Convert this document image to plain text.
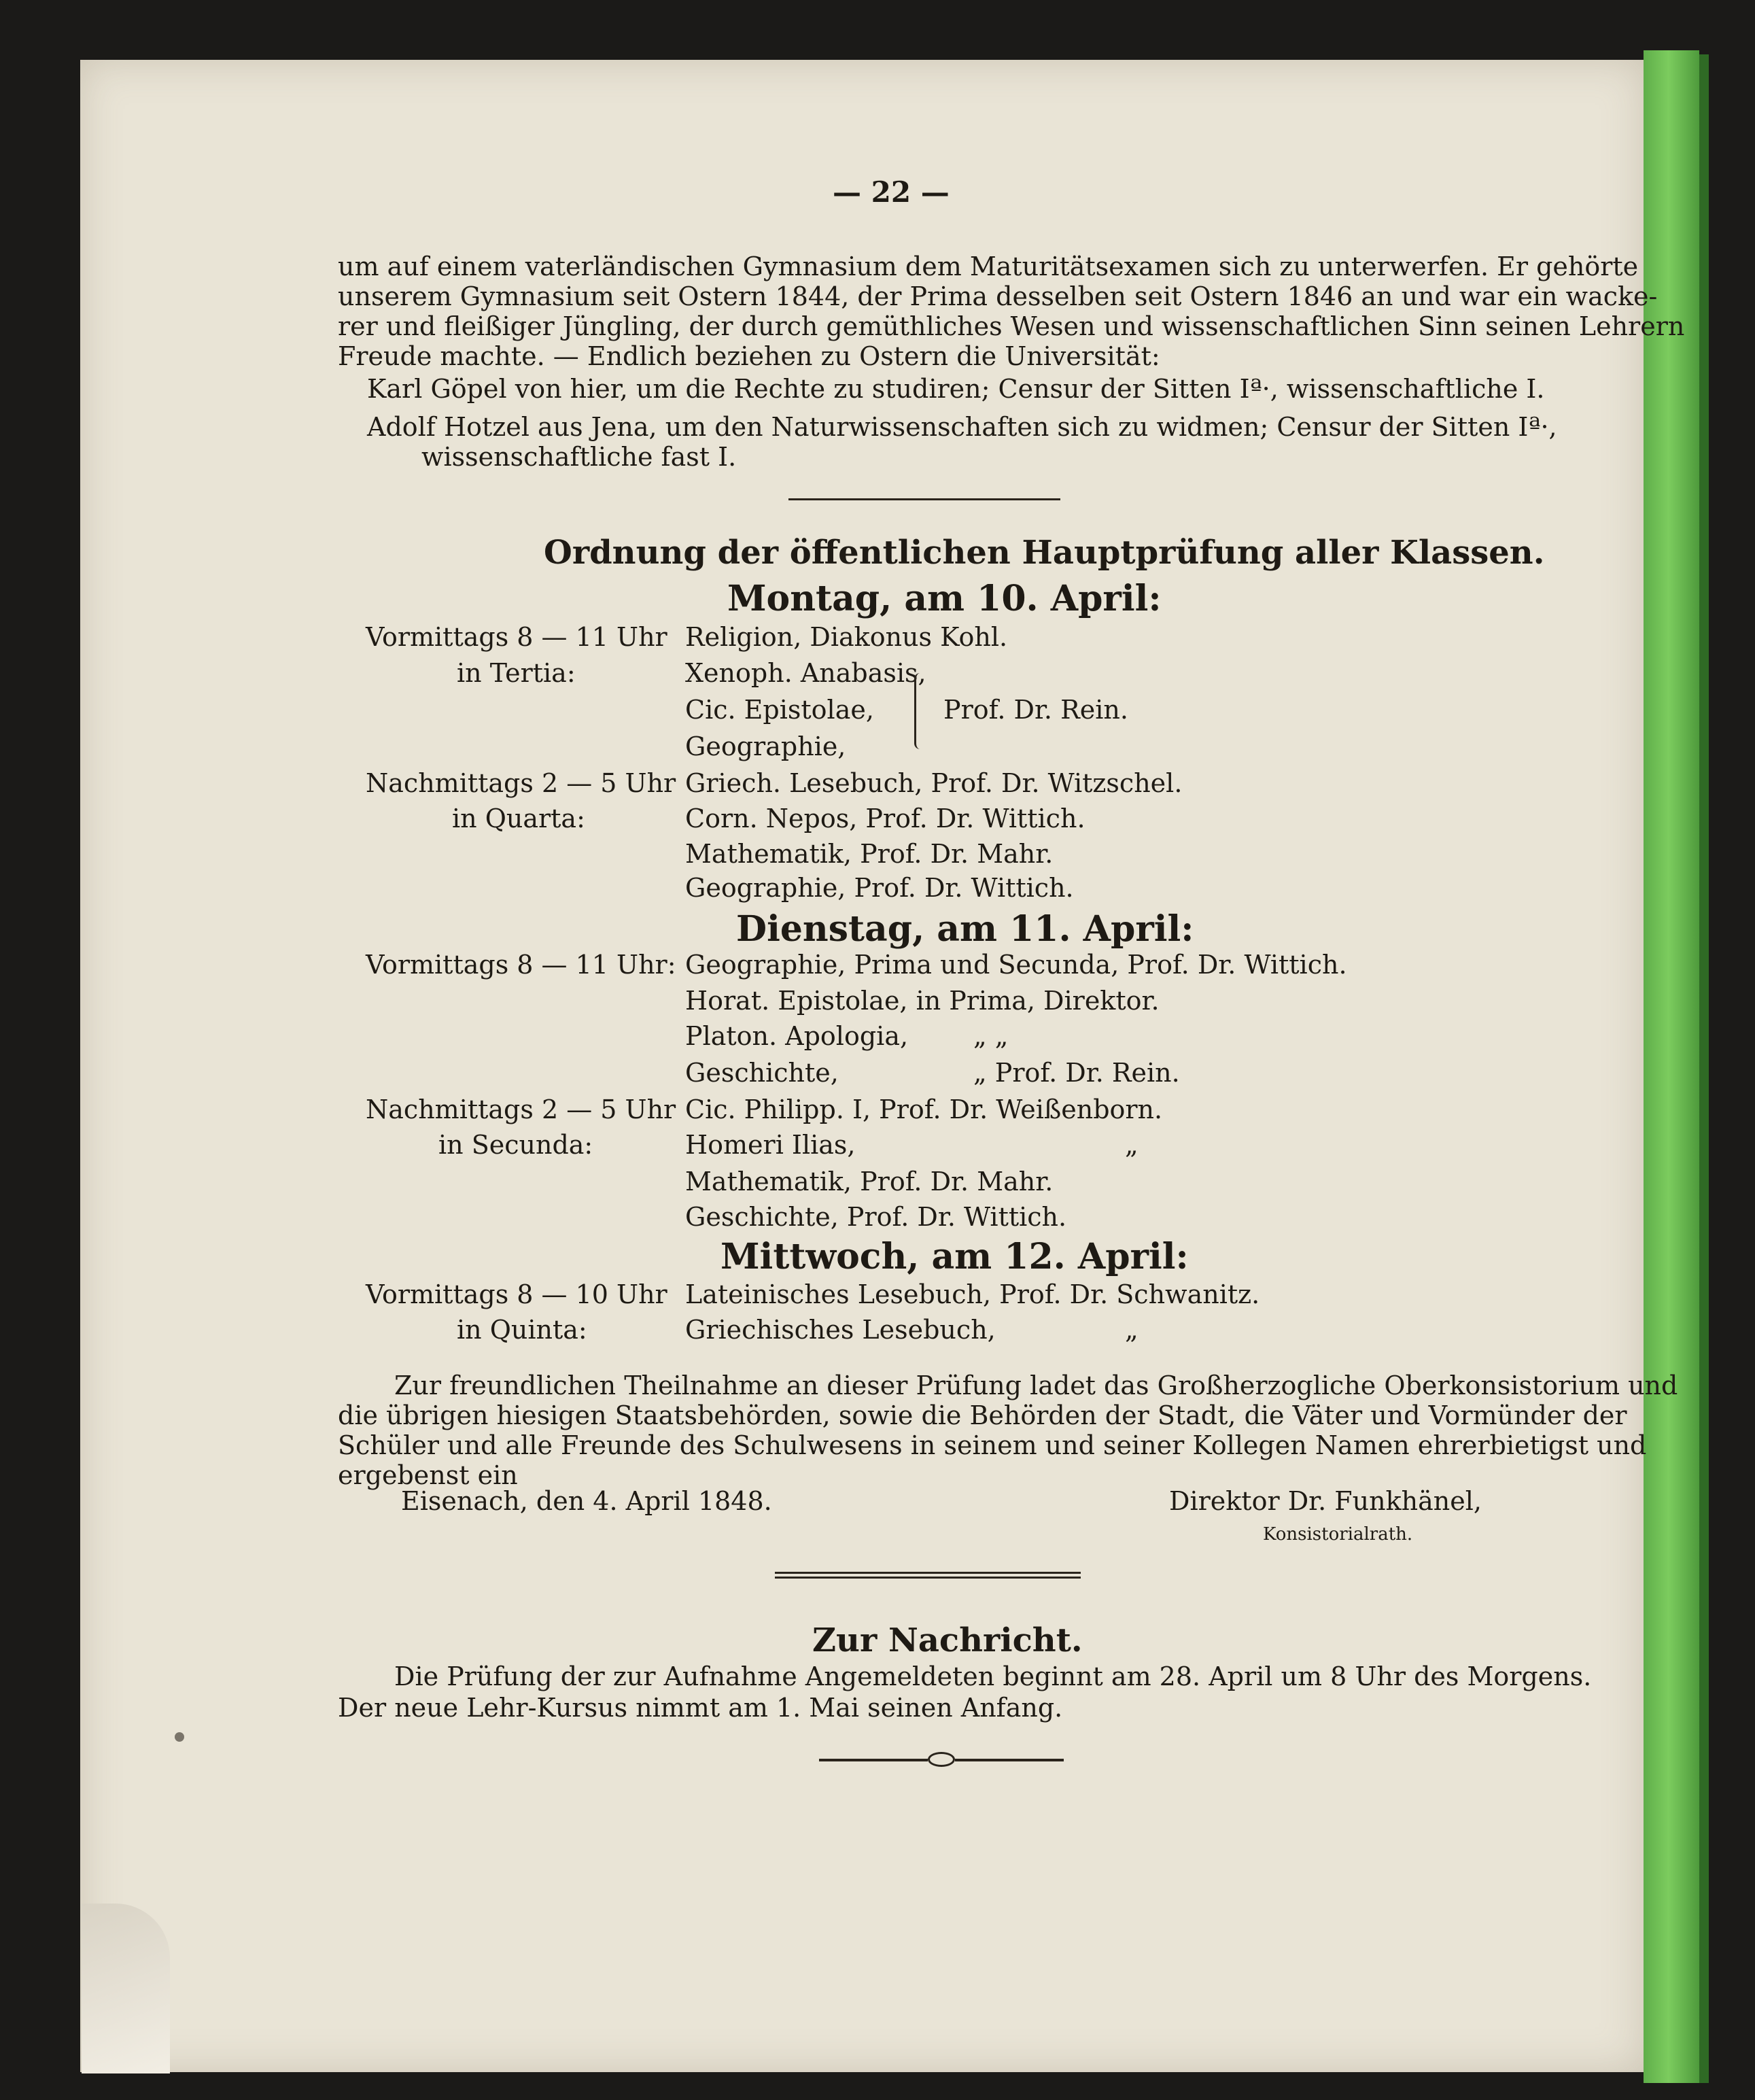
— 22 —
um auf einem vaterländischen Gymnasium dem Maturitätsexamen sich zu unterwerfen. Er gehörte
unserem Gymnasium seit Ostern 1844, der Prima desselben seit Ostern 1846 an und war ein wacke-
rer und fleißiger Jüngling, der durch gemüthliches Wesen und wissenschaftlichen Sinn seinen Lehrern
Freude machte. — Endlich beziehen zu Ostern die Universität:
Karl Göpel von hier, um die Rechte zu studiren; Censur der Sitten Iª·, wissenschaftliche I.
Adolf Hotzel aus Jena, um den Naturwissenschaften sich zu widmen; Censur der Sitten Iª·,
wissenschaftliche fast I.
Ordnung der öffentlichen Hauptprüfung aller Klassen.
Montag, am 10. April:
Vormittags 8 — 11 Uhr Religion, Diakonus Kohl.
in Tertia:	Xenoph. Anabasis,
Cic. Epistolae,	Prof. Dr. Rein.
Geographie,
Nachmittags 2 — 5 Uhr Griech. Lesebuch, Prof. Dr. Witzschel.
in Quarta:	Corn. Nepos, Prof. Dr. Wittich.
Mathematik, Prof. Dr. Mahr.
Geographie, Prof. Dr. Wittich.
Dienstag, am 11. April:
Vormittags 8 — 11 Uhr: Geographie, Prima und Secunda, Prof. Dr. Wittich.
Horat. Epistolae, in Prima, Direktor.
Platon. Apologia,	„ „
Geschichte,	„ Prof. Dr. Rein.
Nachmittags 2 — 5 Uhr Cic. Philipp. I, Prof. Dr. Weißenborn.
in Secunda:	Homeri Ilias,	„
Mathematik, Prof. Dr. Mahr.
Geschichte, Prof. Dr. Wittich.
Mittwoch, am 12. April:
Vormittags 8 — 10 Uhr Lateinisches Lesebuch, Prof. Dr. Schwanitz.
in Quinta:	Griechisches Lesebuch,	„
Zur freundlichen Theilnahme an dieser Prüfung ladet das Großherzogliche Oberkonsistorium und
die übrigen hiesigen Staatsbehörden, sowie die Behörden der Stadt, die Väter und Vormünder der
Schüler und alle Freunde des Schulwesens in seinem und seiner Kollegen Namen ehrerbietigst und
ergebenst ein
Eisenach, den 4. April 1848.	Direktor Dr. Funkhänel,
Konsistorialrath.
Zur Nachricht.
Die Prüfung der zur Aufnahme Angemeldeten beginnt am 28. April um 8 Uhr des Morgens.
Der neue Lehr-Kursus nimmt am 1. Mai seinen Anfang.
